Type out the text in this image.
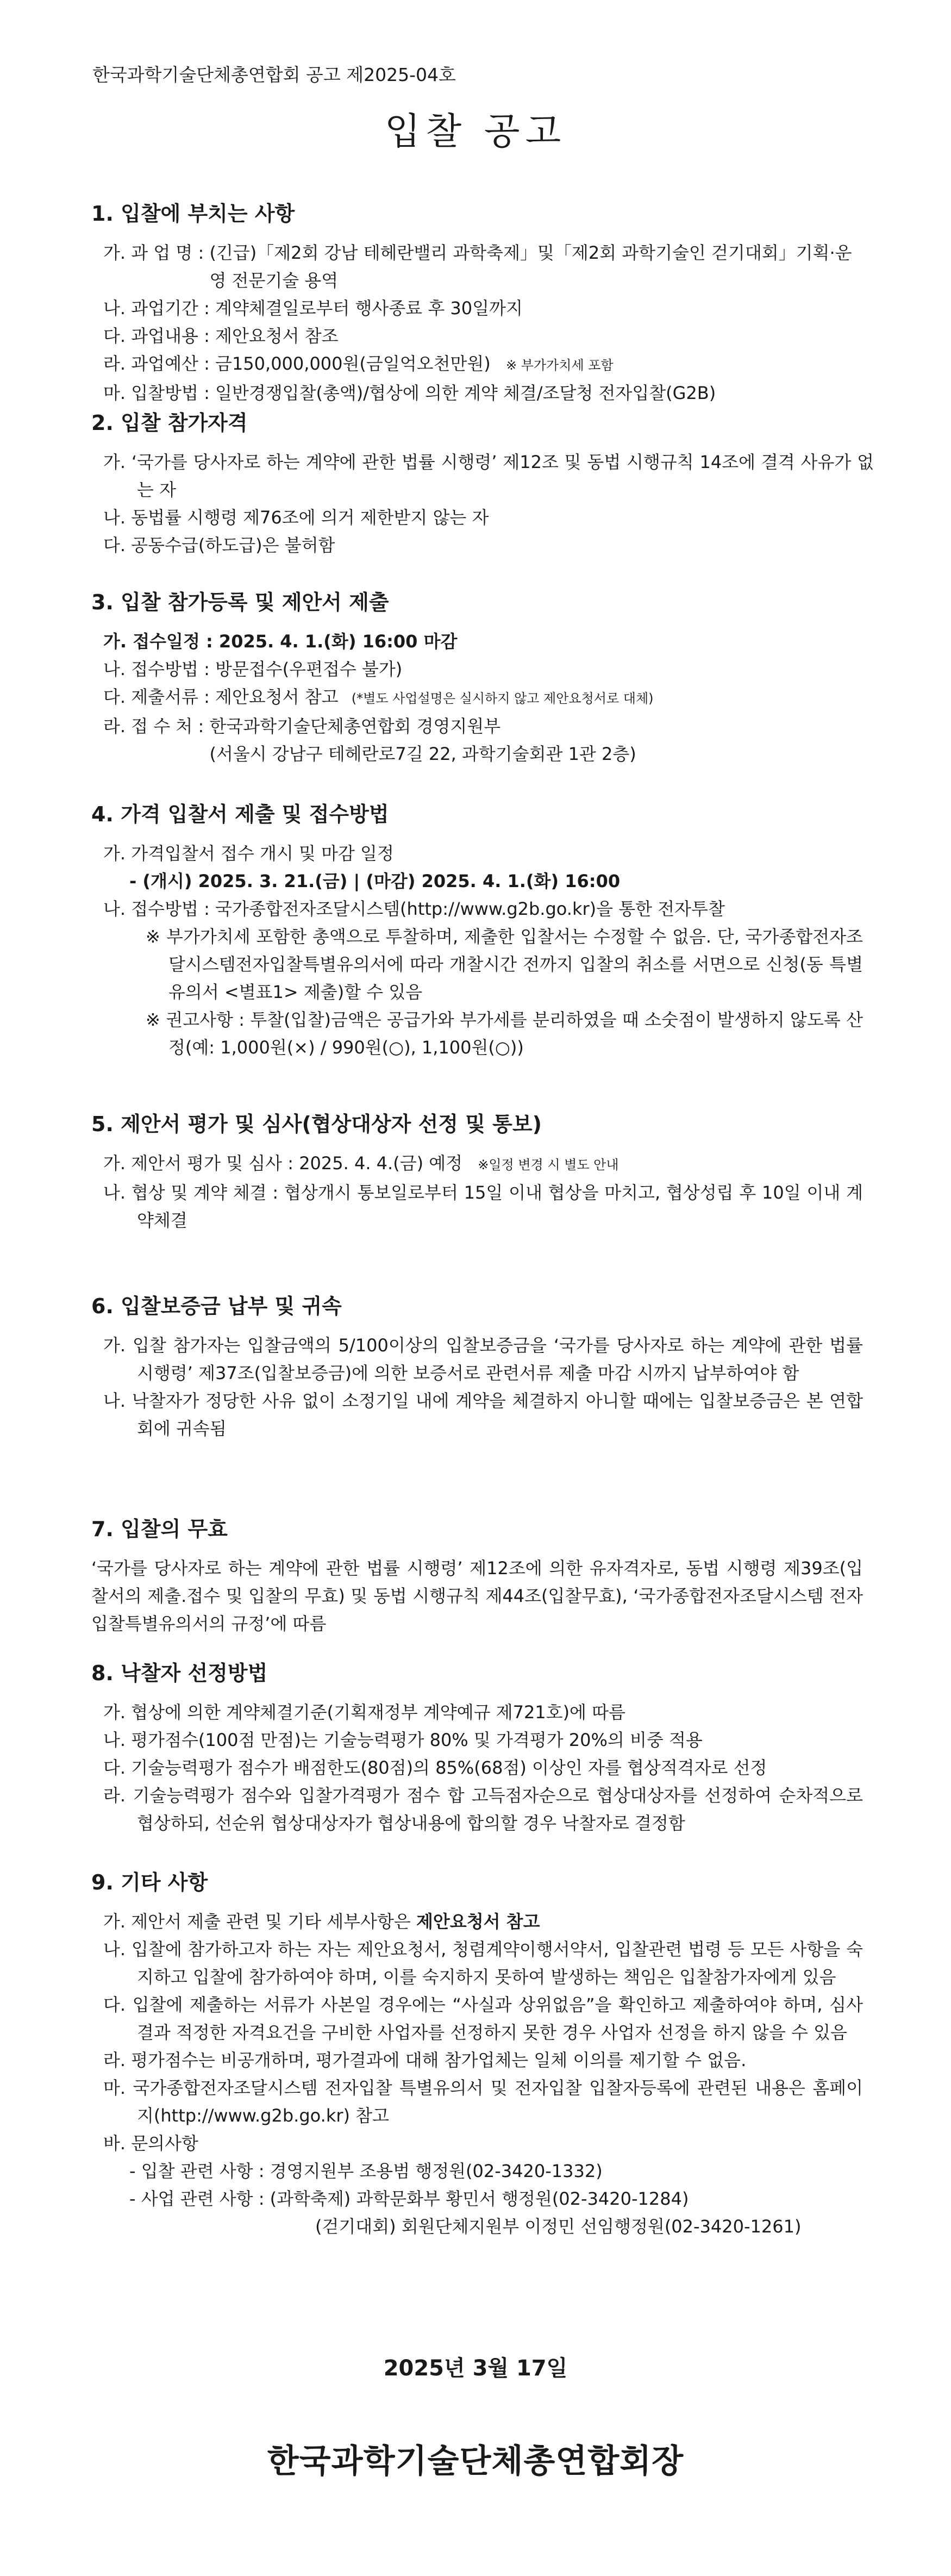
한국과학기술단체총연합회 공고 제2025-04호
입찰 공고
1. 입찰에 부치는 사항
가. 과 업 명 : (긴급)「제2회 강남 테헤란밸리 과학축제」및「제2회 과학기술인 걷기대회」기획·운영 전문기술 용역
나. 과업기간 : 계약체결일로부터 행사종료 후 30일까지
다. 과업내용 : 제안요청서 참조
라. 과업예산 : 금150,000,000원(금일억오천만원) ※ 부가가치세 포함
마. 입찰방법 : 일반경쟁입찰(총액)/협상에 의한 계약 체결/조달청 전자입찰(G2B)
2. 입찰 참가자격
가. ‘국가를 당사자로 하는 계약에 관한 법률 시행령’ 제12조 및 동법 시행규칙 14조에 결격 사유가 없는 자
나. 동법률 시행령 제76조에 의거 제한받지 않는 자
다. 공동수급(하도급)은 불허함
3. 입찰 참가등록 및 제안서 제출
가. 접수일정 : 2025. 4. 1.(화) 16:00 마감
나. 접수방법 : 방문접수(우편접수 불가)
다. 제출서류 : 제안요청서 참고 (*별도 사업설명은 실시하지 않고 제안요청서로 대체)
라. 접 수 처 : 한국과학기술단체총연합회 경영지원부
(서울시 강남구 테헤란로7길 22, 과학기술회관 1관 2층)
4. 가격 입찰서 제출 및 접수방법
가. 가격입찰서 접수 개시 및 마감 일정
- (개시) 2025. 3. 21.(금) | (마감) 2025. 4. 1.(화) 16:00
나. 접수방법 : 국가종합전자조달시스템(http://www.g2b.go.kr)을 통한 전자투찰
※ 부가가치세 포함한 총액으로 투찰하며, 제출한 입찰서는 수정할 수 없음. 단, 국가종합전자조달시스템전자입찰특별유의서에 따라 개찰시간 전까지 입찰의 취소를 서면으로 신청(동 특별유의서 <별표1> 제출)할 수 있음
※ 권고사항 : 투찰(입찰)금액은 공급가와 부가세를 분리하였을 때 소숫점이 발생하지 않도록 산정(예: 1,000원(×) / 990원(○), 1,100원(○))
5. 제안서 평가 및 심사(협상대상자 선정 및 통보)
가. 제안서 평가 및 심사 : 2025. 4. 4.(금) 예정 ※일정 변경 시 별도 안내
나. 협상 및 계약 체결 : 협상개시 통보일로부터 15일 이내 협상을 마치고, 협상성립 후 10일 이내 계약체결
6. 입찰보증금 납부 및 귀속
가. 입찰 참가자는 입찰금액의 5/100이상의 입찰보증금을 ‘국가를 당사자로 하는 계약에 관한 법률 시행령’ 제37조(입찰보증금)에 의한 보증서로 관련서류 제출 마감 시까지 납부하여야 함
나. 낙찰자가 정당한 사유 없이 소정기일 내에 계약을 체결하지 아니할 때에는 입찰보증금은 본 연합회에 귀속됨
7. 입찰의 무효
‘국가를 당사자로 하는 계약에 관한 법률 시행령’ 제12조에 의한 유자격자로, 동법 시행령 제39조(입찰서의 제출.접수 및 입찰의 무효) 및 동법 시행규칙 제44조(입찰무효), ‘국가종합전자조달시스템 전자입찰특별유의서의 규정’에 따름
8. 낙찰자 선정방법
가. 협상에 의한 계약체결기준(기획재정부 계약예규 제721호)에 따름
나. 평가점수(100점 만점)는 기술능력평가 80% 및 가격평가 20%의 비중 적용
다. 기술능력평가 점수가 배점한도(80점)의 85%(68점) 이상인 자를 협상적격자로 선정
라. 기술능력평가 점수와 입찰가격평가 점수 합 고득점자순으로 협상대상자를 선정하여 순차적으로 협상하되, 선순위 협상대상자가 협상내용에 합의할 경우 낙찰자로 결정함
9. 기타 사항
가. 제안서 제출 관련 및 기타 세부사항은 제안요청서 참고
나. 입찰에 참가하고자 하는 자는 제안요청서, 청렴계약이행서약서, 입찰관련 법령 등 모든 사항을 숙지하고 입찰에 참가하여야 하며, 이를 숙지하지 못하여 발생하는 책임은 입찰참가자에게 있음
다. 입찰에 제출하는 서류가 사본일 경우에는 “사실과 상위없음”을 확인하고 제출하여야 하며, 심사 결과 적정한 자격요건을 구비한 사업자를 선정하지 못한 경우 사업자 선정을 하지 않을 수 있음
라. 평가점수는 비공개하며, 평가결과에 대해 참가업체는 일체 이의를 제기할 수 없음.
마. 국가종합전자조달시스템 전자입찰 특별유의서 및 전자입찰 입찰자등록에 관련된 내용은 홈페이지(http://www.g2b.go.kr) 참고
바. 문의사항
- 입찰 관련 사항 : 경영지원부 조용범 행정원(02-3420-1332)
- 사업 관련 사항 : (과학축제) 과학문화부 황민서 행정원(02-3420-1284)
(걷기대회) 회원단체지원부 이정민 선임행정원(02-3420-1261)
2025년 3월 17일
한국과학기술단체총연합회장
